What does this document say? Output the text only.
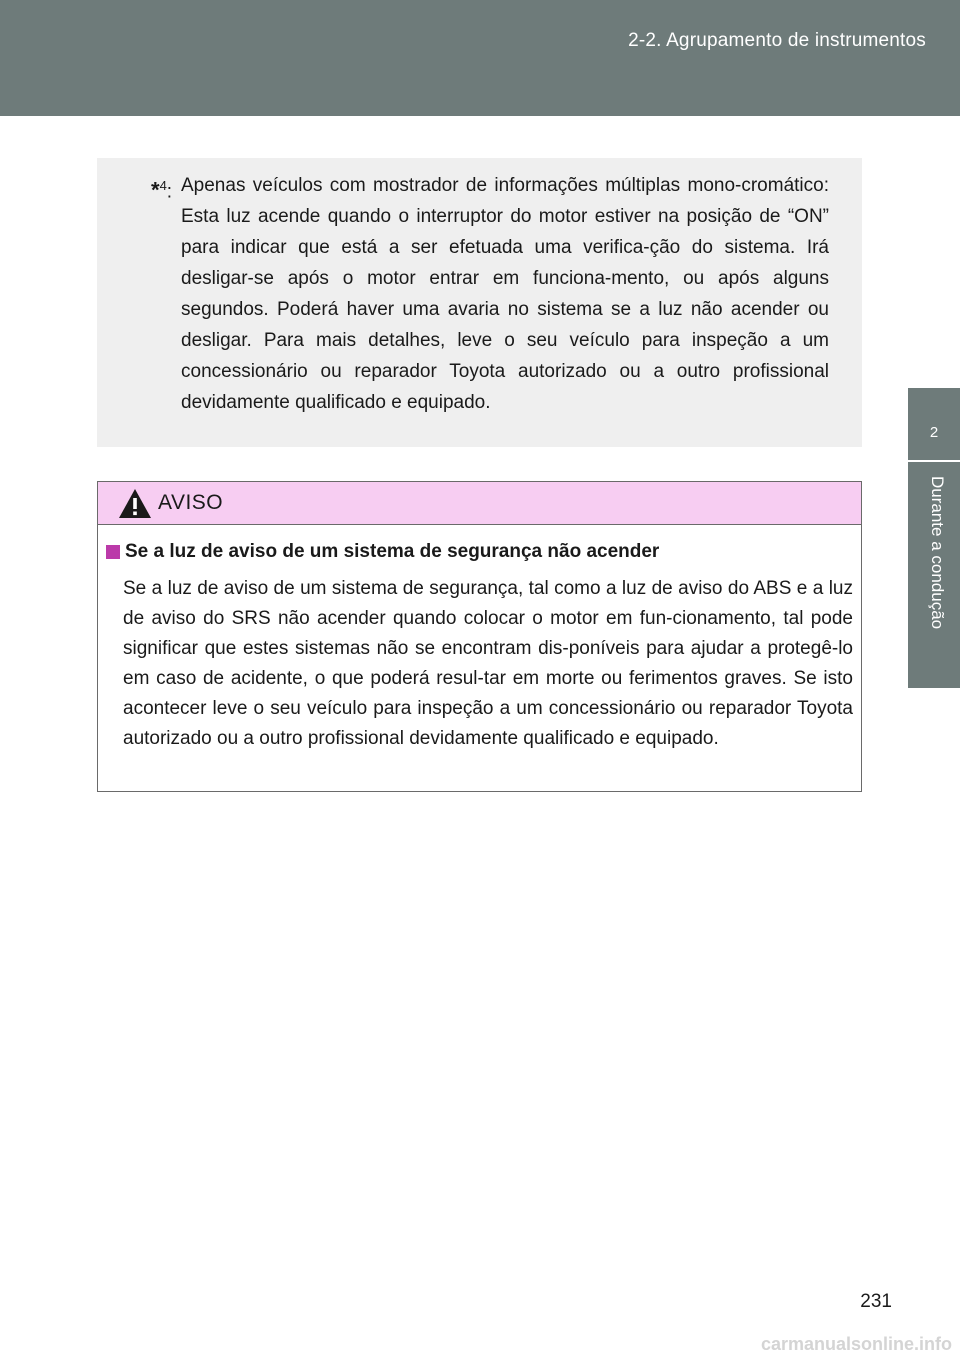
2-2. Agrupamento de instrumentos
2
Durante a condução
*$^4$: Apenas veículos com mostrador de informações múltiplas mono-cromático: Esta luz acende quando o interruptor do motor estiver na posição de “ON” para indicar que está a ser efetuada uma verifica-ção do sistema. Irá desligar-se após o motor entrar em funciona-mento, ou após alguns segundos. Poderá haver uma avaria no sistema se a luz não acender ou desligar. Para mais detalhes, leve o seu veículo para inspeção a um concessionário ou reparador Toyota autorizado ou a outro profissional devidamente qualificado e equipado.
AVISO
Se a luz de aviso de um sistema de segurança não acender
Se a luz de aviso de um sistema de segurança, tal como a luz de aviso do ABS e a luz de aviso do SRS não acender quando colocar o motor em fun-cionamento, tal pode significar que estes sistemas não se encontram dis-poníveis para ajudar a protegê-lo em caso de acidente, o que poderá resul-tar em morte ou ferimentos graves. Se isto acontecer leve o seu veículo para inspeção a um concessionário ou reparador Toyota autorizado ou a outro profissional devidamente qualificado e equipado.
231
carmanualsonline.info
